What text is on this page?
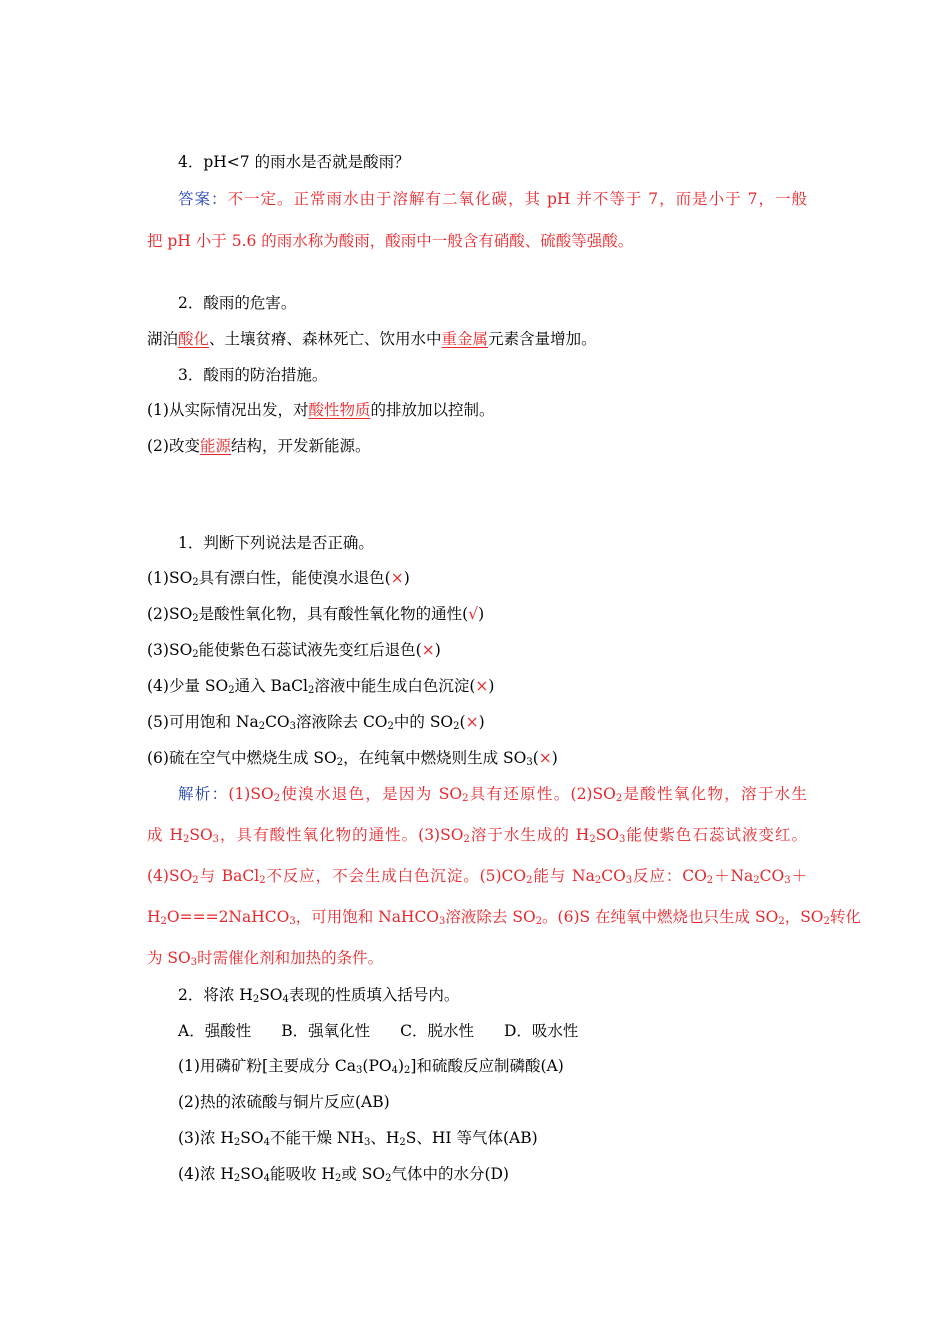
4．pH<7 的雨水是否就是酸雨？
答案：不一定。正常雨水由于溶解有二氧化碳，其 pH 并不等于 7，而是小于 7，一般
把 pH 小于 5.6 的雨水称为酸雨，酸雨中一般含有硝酸、硫酸等强酸。
2．酸雨的危害。
湖泊酸化、土壤贫瘠、森林死亡、饮用水中重金属元素含量增加。
3．酸雨的防治措施。
(1)从实际情况出发，对酸性物质的排放加以控制。
(2)改变能源结构，开发新能源。
1．判断下列说法是否正确。
$(1)SO_2$具有漂白性，能使溴水退色(×)
$(2)SO_2$是酸性氧化物，具有酸性氧化物的通性(√)
$(3)SO_2$能使紫色石蕊试液先变红后退色(×)
(4)少量 $SO_2$通入 BaCl$_2$溶液中能生成白色沉淀(×)
(5)可用饱和 $Na_2CO_3$溶液除去 $CO_2$中的 $SO_2(\times)$
(6)硫在空气中燃烧生成 $SO_2$，在纯氧中燃烧则生成 $SO_3(\times)$
解析：$(1)SO_2$使溴水退色，是因为 $SO_2$具有还原性。$(2)SO_2$是酸性氧化物，溶于水生
成 $H_2SO_3$，具有酸性氧化物的通性。$(3)SO_2$溶于水生成的 $H_2SO_3$能使紫色石蕊试液变红。
$(4)SO_2$与 BaCl$_2$不反应，不会生成白色沉淀。$(5)CO_2$能与 $Na_2CO_3$反应：$CO_2+Na_2CO_3+$
$H_2O===2NaHCO_3$，可用饱和 NaHCO$_3$溶液除去 $SO_2$。(6)S 在纯氧中燃烧也只生成 $SO_2$，$SO_2$转化
为 $SO_3$时需催化剂和加热的条件。
2．将浓 $H_2SO_4$表现的性质填入括号内。
A．强酸性 B．强氧化性 C．脱水性 D．吸水性
(1)用磷矿粉[主要成分 $Ca_3(PO_4)_2$]和硫酸反应制磷酸(A)
(2)热的浓硫酸与铜片反应(AB)
(3)浓 $H_2SO_4$不能干燥 $NH_3$、$H_2S$、HI 等气体(AB)
(4)浓 $H_2SO_4$能吸收 $H_2$或 $SO_2$气体中的水分(D)
